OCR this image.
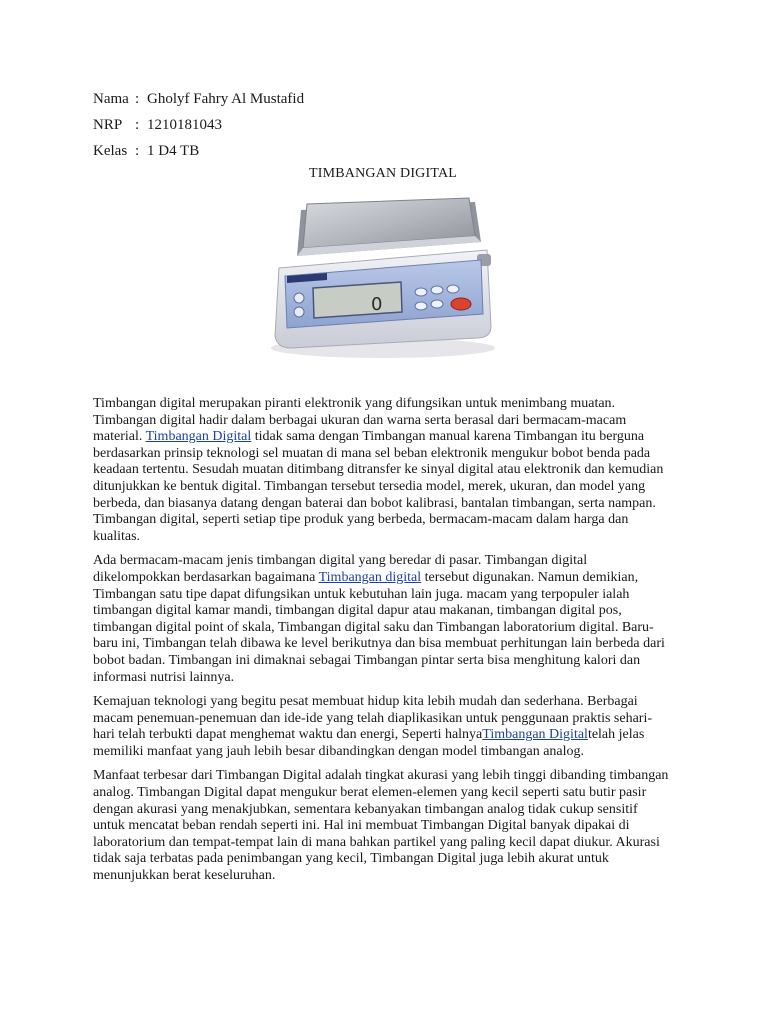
Nama : Gholyf Fahry Al Mustafid
NRP : 1210181043
Kelas : 1 D4 TB
TIMBANGAN DIGITAL
0

Timbangan digital merupakan piranti elektronik yang difungsikan untuk menimbang muatan. Timbangan digital hadir dalam berbagai ukuran dan warna serta berasal dari bermacam-macam material. Timbangan Digital tidak sama dengan Timbangan manual karena Timbangan itu berguna berdasarkan prinsip teknologi sel muatan di mana sel beban elektronik mengukur bobot benda pada keadaan tertentu. Sesudah muatan ditimbang ditransfer ke sinyal digital atau elektronik dan kemudian ditunjukkan ke bentuk digital. Timbangan tersebut tersedia model, merek, ukuran, dan model yang berbeda, dan biasanya datang dengan baterai dan bobot kalibrasi, bantalan timbangan, serta nampan. Timbangan digital, seperti setiap tipe produk yang berbeda, bermacam-macam dalam harga dan kualitas.

Ada bermacam-macam jenis timbangan digital yang beredar di pasar. Timbangan digital dikelompokkan berdasarkan bagaimana Timbangan digital tersebut digunakan. Namun demikian, Timbangan satu tipe dapat difungsikan untuk kebutuhan lain juga. macam yang terpopuler ialah timbangan digital kamar mandi, timbangan digital dapur atau makanan, timbangan digital pos, timbangan digital point of skala, Timbangan digital saku dan Timbangan laboratorium digital. Baru-baru ini, Timbangan telah dibawa ke level berikutnya dan bisa membuat perhitungan lain berbeda dari bobot badan. Timbangan ini dimaknai sebagai Timbangan pintar serta bisa menghitung kalori dan informasi nutrisi lainnya.

Kemajuan teknologi yang begitu pesat membuat hidup kita lebih mudah dan sederhana. Berbagai macam penemuan-penemuan dan ide-ide yang telah diaplikasikan untuk penggunaan praktis sehari-hari telah terbukti dapat menghemat waktu dan energi, Seperti halnyaTimbangan Digitaltelah jelas memiliki manfaat yang jauh lebih besar dibandingkan dengan model timbangan analog.

Manfaat terbesar dari Timbangan Digital adalah tingkat akurasi yang lebih tinggi dibanding timbangan analog. Timbangan Digital dapat mengukur berat elemen-elemen yang kecil seperti satu butir pasir dengan akurasi yang menakjubkan, sementara kebanyakan timbangan analog tidak cukup sensitif untuk mencatat beban rendah seperti ini. Hal ini membuat Timbangan Digital banyak dipakai di laboratorium dan tempat-tempat lain di mana bahkan partikel yang paling kecil dapat diukur. Akurasi tidak saja terbatas pada penimbangan yang kecil, Timbangan Digital juga lebih akurat untuk menunjukkan berat keseluruhan.
